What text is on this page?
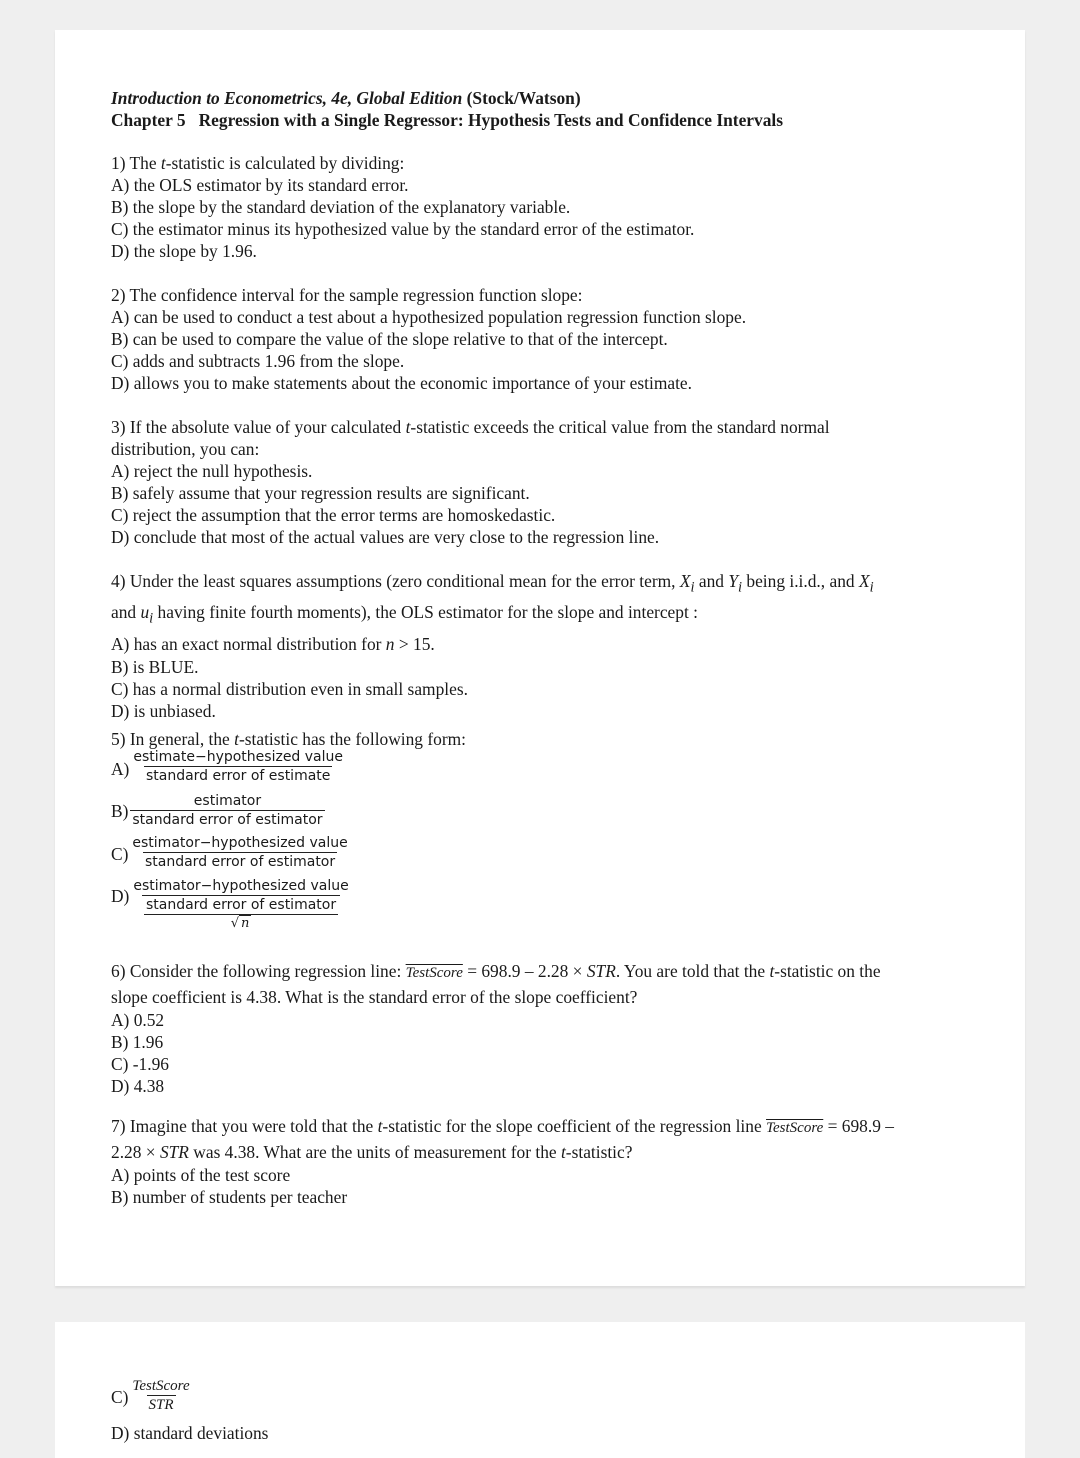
Introduction to Econometrics, 4e, Global Edition (Stock/Watson)
Chapter 5 Regression with a Single Regressor: Hypothesis Tests and Confidence Intervals
1) The t-statistic is calculated by dividing:
A) the OLS estimator by its standard error.
B) the slope by the standard deviation of the explanatory variable.
C) the estimator minus its hypothesized value by the standard error of the estimator.
D) the slope by 1.96.
2) The confidence interval for the sample regression function slope:
A) can be used to conduct a test about a hypothesized population regression function slope.
B) can be used to compare the value of the slope relative to that of the intercept.
C) adds and subtracts 1.96 from the slope.
D) allows you to make statements about the economic importance of your estimate.
3) If the absolute value of your calculated t-statistic exceeds the critical value from the standard normal
distribution, you can:
A) reject the null hypothesis.
B) safely assume that your regression results are significant.
C) reject the assumption that the error terms are homoskedastic.
D) conclude that most of the actual values are very close to the regression line.
4) Under the least squares assumptions (zero conditional mean for the error term, $X_i$ and $Y_i$ being i.i.d., and $X_i$
and $u_i$ having finite fourth moments), the OLS estimator for the slope and intercept :
A) has an exact normal distribution for n > 15.
B) is BLUE.
C) has a normal distribution even in small samples.
D) is unbiased.
5) In general, the t-statistic has the following form:
$A) \frac{\text{estimate−hypothesized value}}{\text{standard error of estimate}}$
$B) \frac{\text{estimator}}{\text{standard error of estimator}}$
$C) \frac{\text{estimator−hypothesized value}}{\text{standard error of estimator}}$
D) estimator−hypothesized value
standard error of estimator
√ n
6) Consider the following regression line: TestScore = 698.9 – 2.28 × STR. You are told that the t-statistic on the
slope coefficient is 4.38. What is the standard error of the slope coefficient?
A) 0.52
B) 1.96
C) -1.96
D) 4.38
7) Imagine that you were told that the t-statistic for the slope coefficient of the regression line TestScore = 698.9 –
2.28 × STR was 4.38. What are the units of measurement for the t-statistic?
A) points of the test score
B) number of students per teacher
$C) \frac{\text{TestScore}}{\text{STR}}$
D) standard deviations
